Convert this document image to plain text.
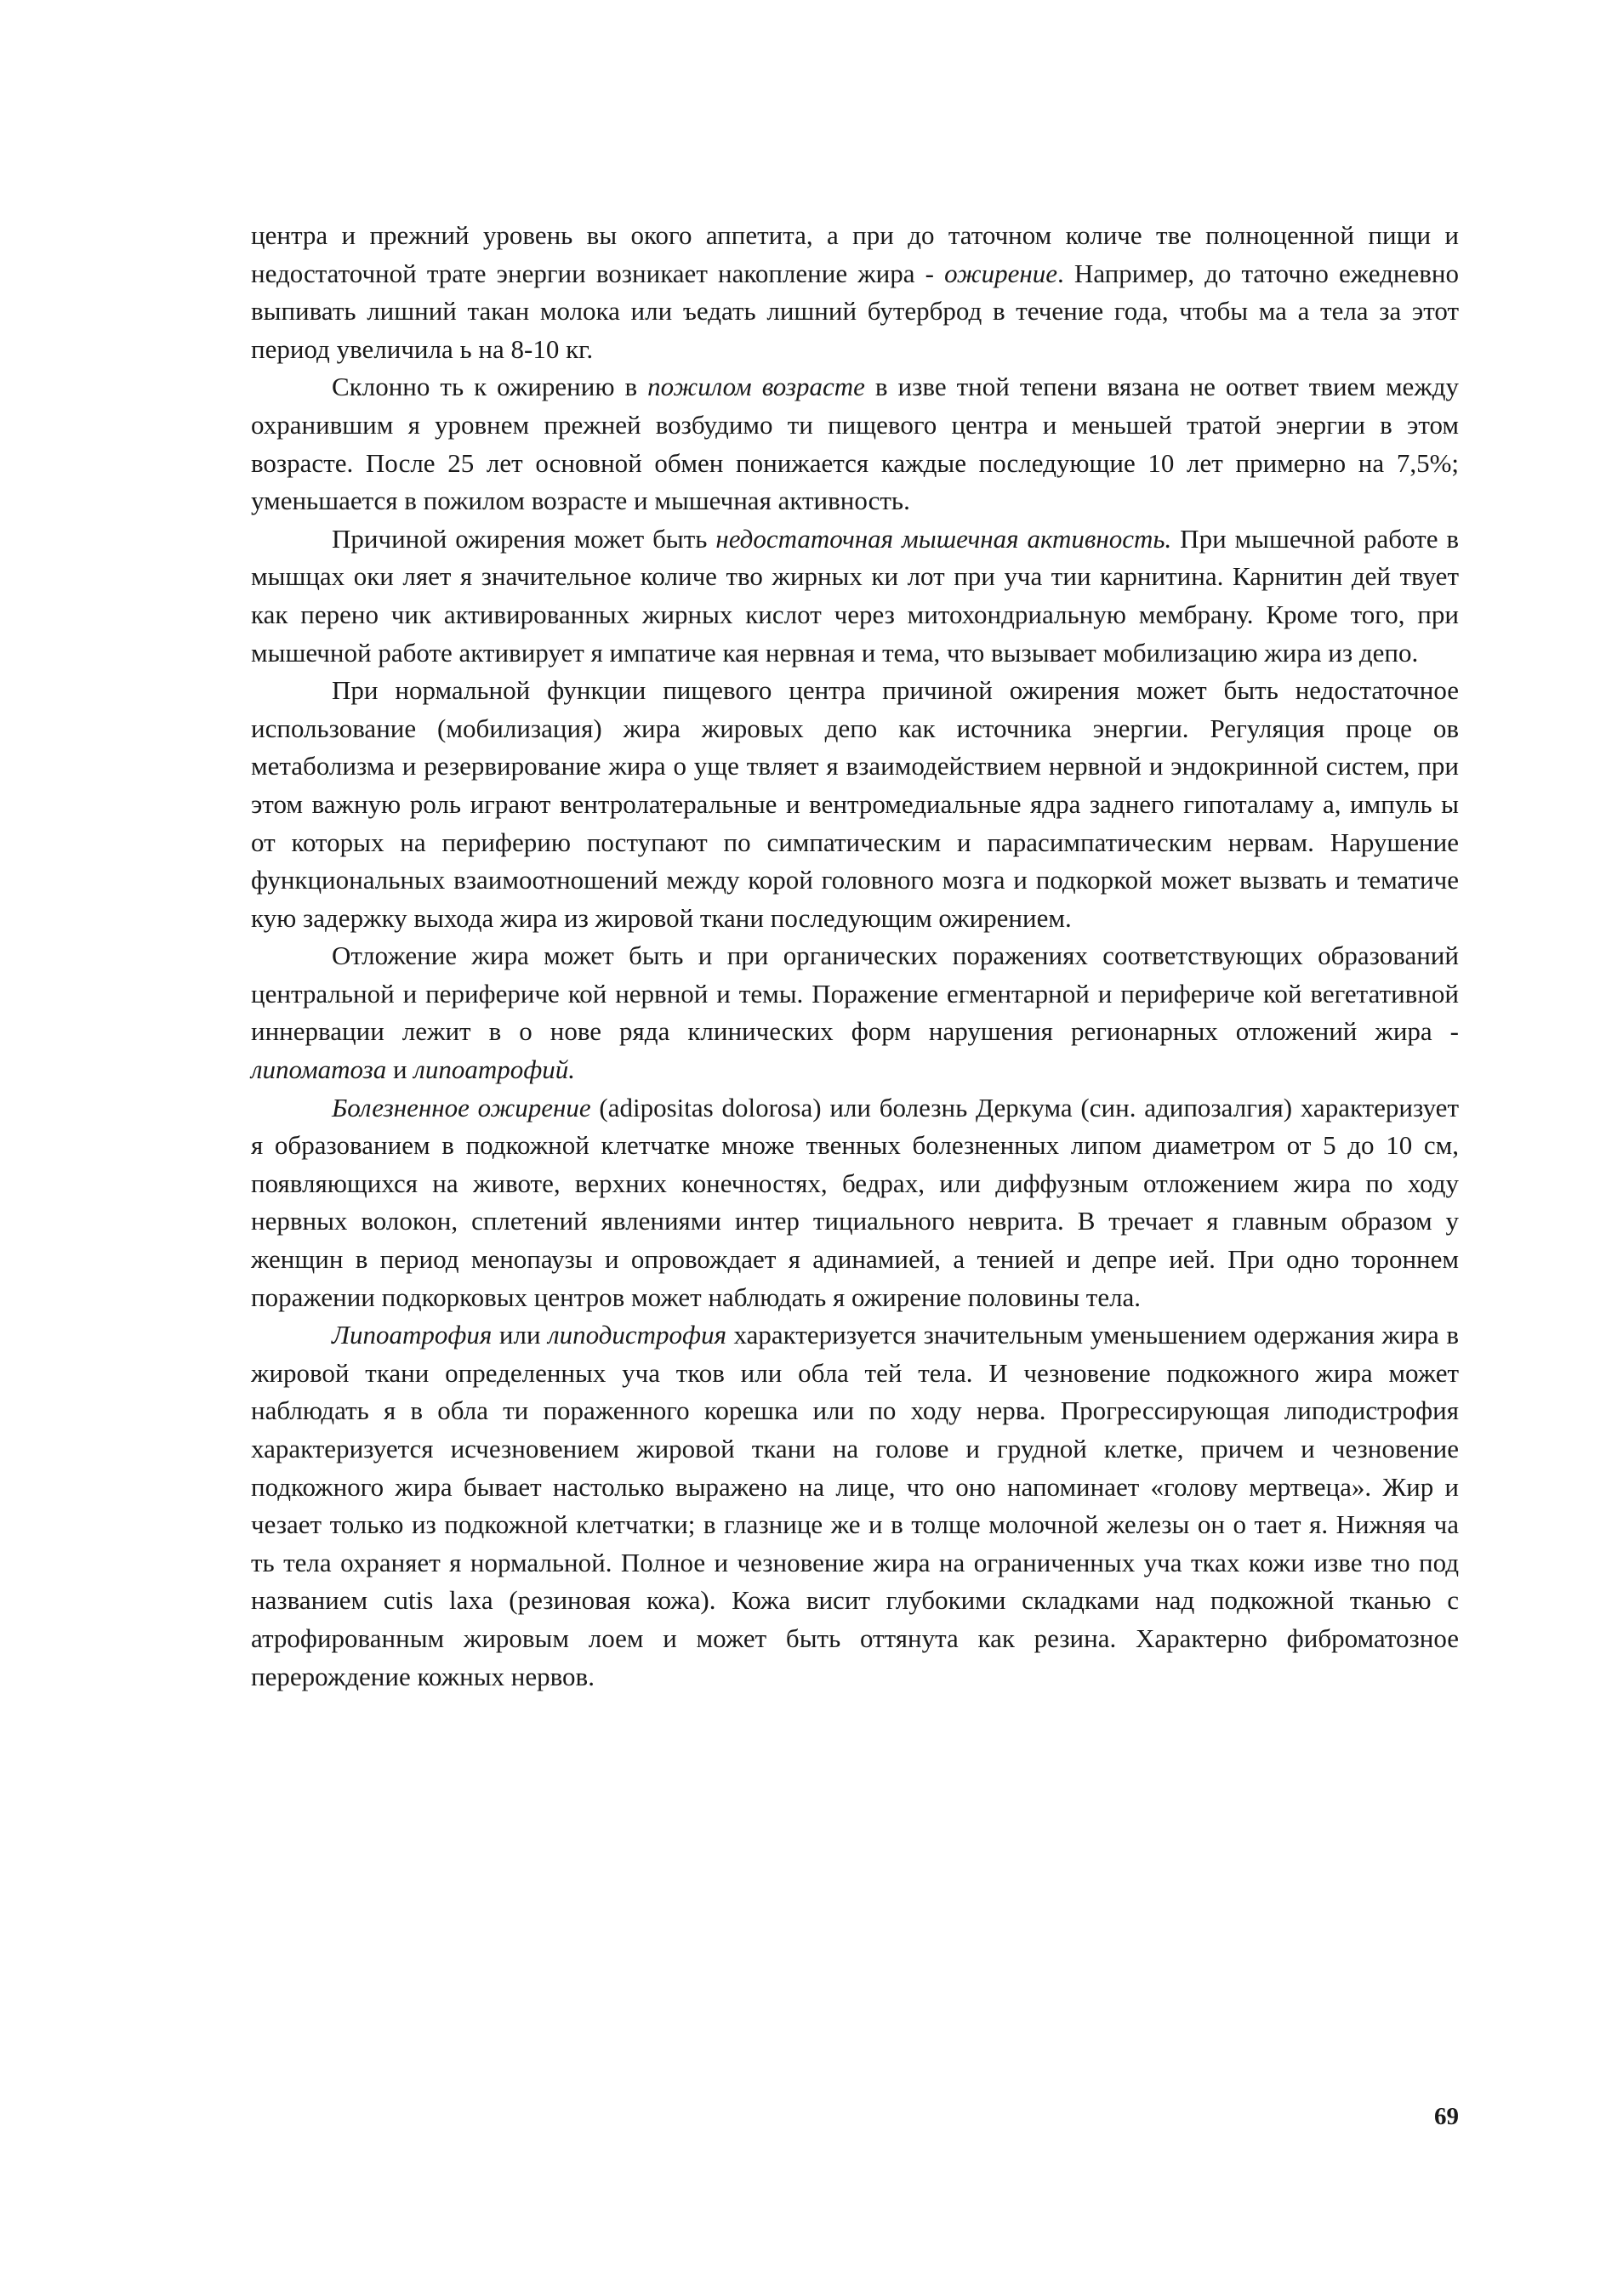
центра и прежний уровень вы окого аппетита, а при до таточном количе тве полноценной пищи и недостаточной трате энергии возникает накопление жира - ожирение. Например, до таточно ежедневно выпивать лишний такан молока или ъедать лишний бутерброд в течение года, чтобы ма а тела за этот период увеличила ь на 8-10 кг.

Склонно ть к ожирению в пожилом возрасте в изве тной тепени вязана не оответ твием между охранившим я уровнем прежней возбудимо ти пищевого центра и меньшей тратой энергии в этом возрасте. После 25 лет основной обмен понижается каждые последующие 10 лет примерно на 7,5%; уменьшается в пожилом возрасте и мышечная активность.

Причиной ожирения может быть недостаточная мышечная активность. При мышечной работе в мышцах оки ляет я значительное количе тво жирных ки лот при уча тии карнитина. Карнитин дей твует как перено чик активированных жирных кислот через митохондриальную мембрану. Кроме того, при мышечной работе активирует я импатиче кая нервная и тема, что вызывает мобилизацию жира из депо.

При нормальной функции пищевого центра причиной ожирения может быть недостаточное использование (мобилизация) жира жировых депо как источника энергии. Регуляция проце ов метаболизма и резервирование жира о уще твляет я взаимодействием нервной и эндокринной систем, при этом важную роль играют вентролатеральные и вентромедиальные ядра заднего гипоталаму а, импуль ы от которых на периферию поступают по симпатическим и парасимпатическим нервам. Нарушение функциональных взаимоотношений между корой головного мозга и подкоркой может вызвать и тематиче кую задержку выхода жира из жировой ткани последующим ожирением.

Отложение жира может быть и при органических поражениях соответствующих образований центральной и перифериче кой нервной и темы. Поражение егментарной и перифериче кой вегетативной иннервации лежит в о нове ряда клинических форм нарушения регионарных отложений жира - липоматоза и липоатрофий.

Болезненное ожирение (adipositas dolorosa) или болезнь Деркума (син. адипозалгия) характеризует я образованием в подкожной клетчатке множе твенных болезненных липом диаметром от 5 до 10 см, появляющихся на животе, верхних конечностях, бедрах, или диффузным отложением жира по ходу нервных волокон, сплетений явлениями интер тициального неврита. В тречает я главным образом у женщин в период менопаузы и опровождает я адинамией, а тенией и депре ией. При одно тороннем поражении подкорковых центров может наблюдать я ожирение половины тела.

Липоатрофия или липодистрофия характеризуется значительным уменьшением одержания жира в жировой ткани определенных уча тков или обла тей тела. И чезновение подкожного жира может наблюдать я в обла ти пораженного корешка или по ходу нерва. Прогрессирующая липодистрофия характеризуется исчезновением жировой ткани на голове и грудной клетке, причем и чезновение подкожного жира бывает настолько выражено на лице, что оно напоминает «голову мертвеца». Жир и чезает только из подкожной клетчатки; в глазнице же и в толще молочной железы он о тает я. Нижняя ча ть тела охраняет я нормальной. Полное и чезновение жира на ограниченных уча тках кожи изве тно под названием cutis laxa (резиновая кожа). Кожа висит глубокими складками над подкожной тканью с атрофированным жировым лоем и может быть оттянута как резина. Характерно фиброматозное перерождение кожных нервов.

69
